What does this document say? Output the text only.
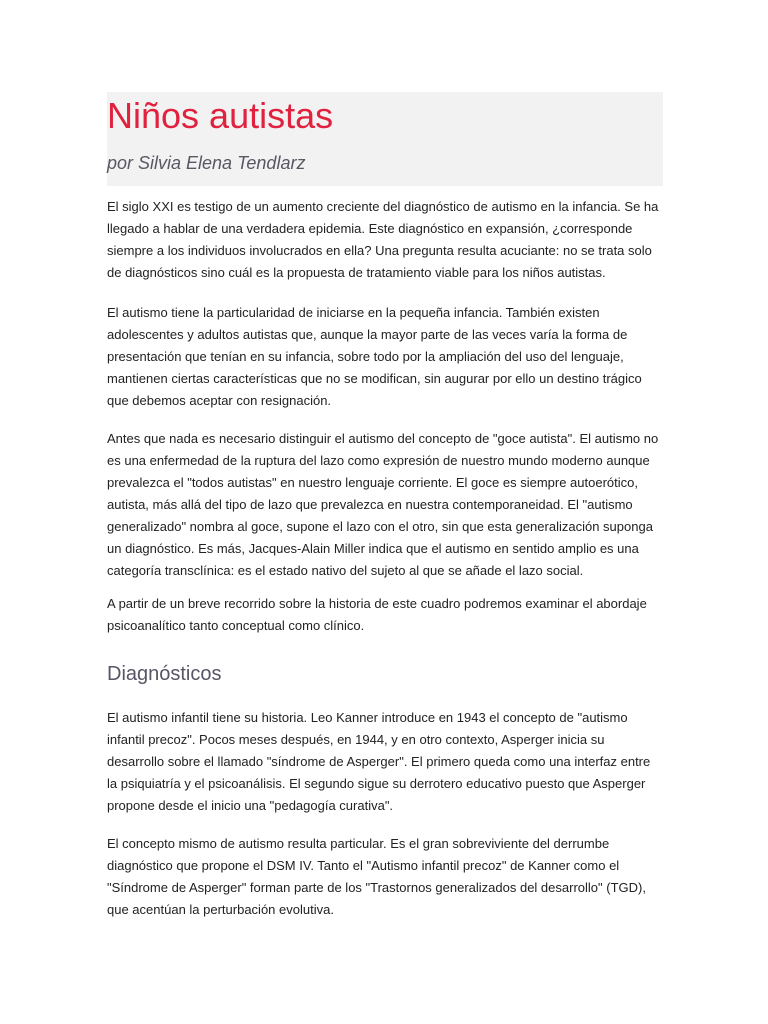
Niños autistas

por Silvia Elena Tendlarz

El siglo XXI es testigo de un aumento creciente del diagnóstico de autismo en la infancia. Se ha llegado a hablar de una verdadera epidemia. Este diagnóstico en expansión, ¿corresponde siempre a los individuos involucrados en ella? Una pregunta resulta acuciante: no se trata solo de diagnósticos sino cuál es la propuesta de tratamiento viable para los niños autistas.

El autismo tiene la particularidad de iniciarse en la pequeña infancia. También existen adolescentes y adultos autistas que, aunque la mayor parte de las veces varía la forma de presentación que tenían en su infancia, sobre todo por la ampliación del uso del lenguaje, mantienen ciertas características que no se modifican, sin augurar por ello un destino trágico que debemos aceptar con resignación.

Antes que nada es necesario distinguir el autismo del concepto de "goce autista". El autismo no es una enfermedad de la ruptura del lazo como expresión de nuestro mundo moderno aunque prevalezca el "todos autistas" en nuestro lenguaje corriente. El goce es siempre autoerótico, autista, más allá del tipo de lazo que prevalezca en nuestra contemporaneidad. El "autismo generalizado" nombra al goce, supone el lazo con el otro, sin que esta generalización suponga un diagnóstico. Es más, Jacques-Alain Miller indica que el autismo en sentido amplio es una categoría transclínica: es el estado nativo del sujeto al que se añade el lazo social.

A partir de un breve recorrido sobre la historia de este cuadro podremos examinar el abordaje psicoanalítico tanto conceptual como clínico.

Diagnósticos

El autismo infantil tiene su historia. Leo Kanner introduce en 1943 el concepto de "autismo infantil precoz". Pocos meses después, en 1944, y en otro contexto, Asperger inicia su desarrollo sobre el llamado "síndrome de Asperger". El primero queda como una interfaz entre la psiquiatría y el psicoanálisis. El segundo sigue su derrotero educativo puesto que Asperger propone desde el inicio una "pedagogía curativa".

El concepto mismo de autismo resulta particular. Es el gran sobreviviente del derrumbe diagnóstico que propone el DSM IV. Tanto el "Autismo infantil precoz" de Kanner como el "Síndrome de Asperger" forman parte de los "Trastornos generalizados del desarrollo" (TGD), que acentúan la perturbación evolutiva.
